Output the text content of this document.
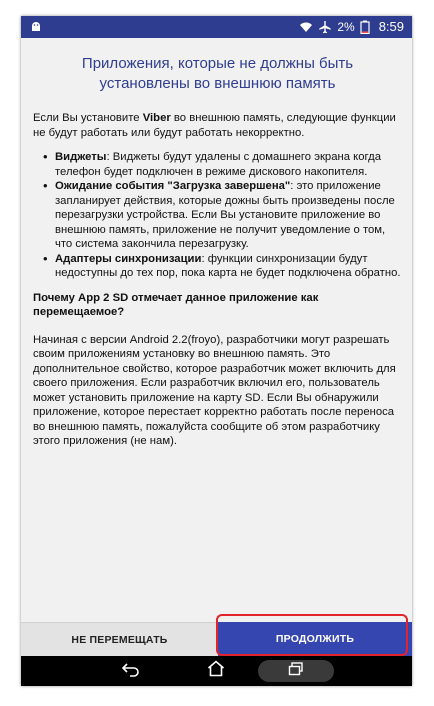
2% 8:59
Приложения, которые не должны быть установлены во внешнюю память

Если Вы установите Viber во внешнюю память, следующие функции не будут работать или будут работать некорректно.

• Виджеты: Виджеты будут удалены с домашнего экрана когда телефон будет подключен в режиме дискового накопителя.
• Ожидание события "Загрузка завершена": это приложение запланирует действия, которые дожны быть произведены после перезагрузки устройства. Если Вы установите приложение во внешнюю память, приложение не получит уведомление о том, что система закончила перезагрузку.
• Адаптеры синхронизации: функции синхронизации будут недоступны до тех пор, пока карта не будет подключена обратно.

Почему App 2 SD отмечает данное приложение как перемещаемое?

Начиная с версии Android 2.2(froyo), разработчики могут разрешать своим приложениям установку во внешнюю память. Это дополнительное свойство, которое разработчик может включить для своего приложения. Если разработчик включил его, пользователь может установить приложение на карту SD. Если Вы обнаружили приложение, которое перестает корректно работать после переноса во внешнюю память, пожалуйста сообщите об этом разработчику этого приложения (не нам).

НЕ ПЕРЕМЕЩАТЬ	ПРОДОЛЖИТЬ
